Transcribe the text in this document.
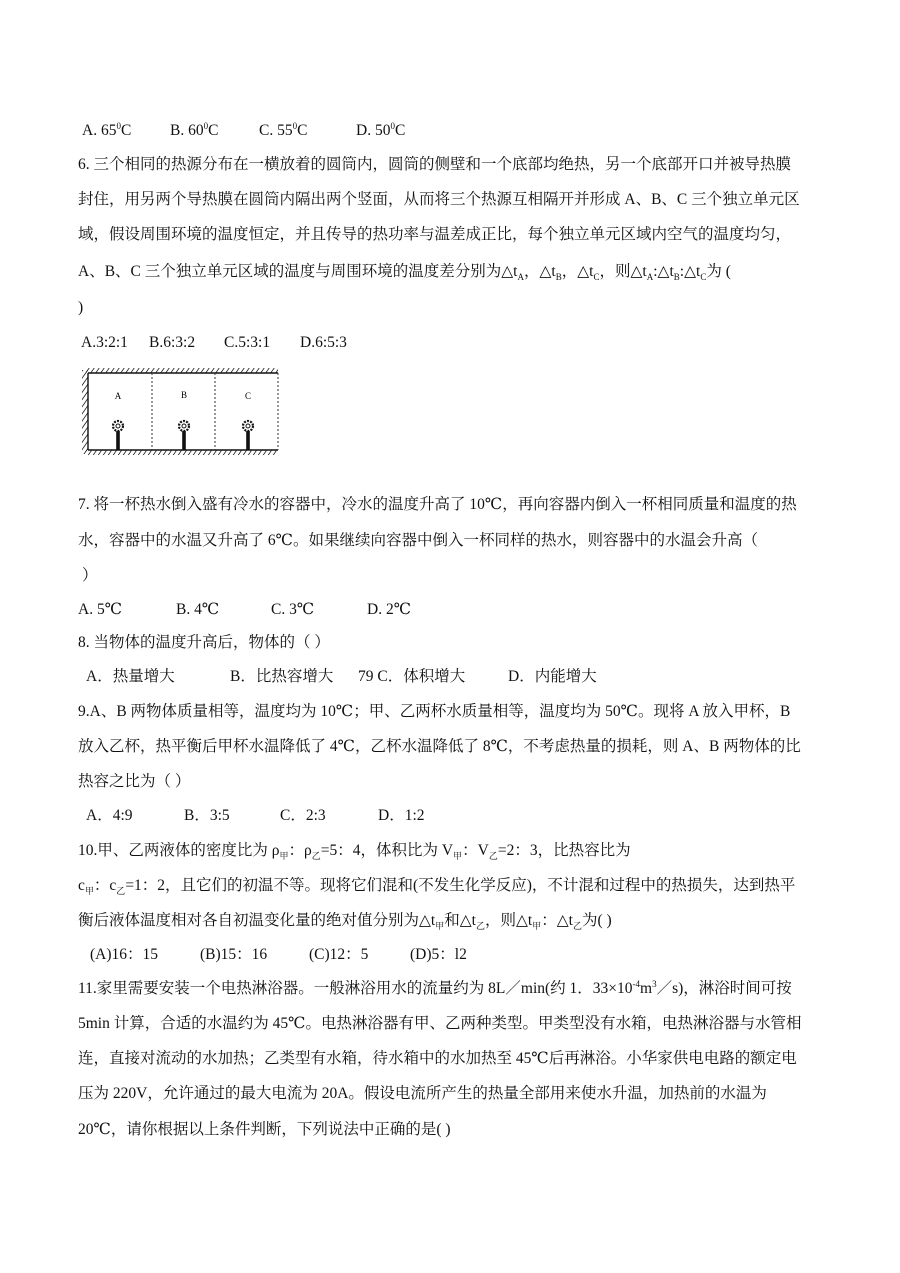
A. $65^0C$ B. $60^0C$	C. $55^0C$	D. $50^0C$
6. 三个相同的热源分布在一横放着的圆筒内，圆筒的侧壁和一个底部均绝热，另一个底部开口并被导热膜
封住，用另两个导热膜在圆筒内隔出两个竖面，从而将三个热源互相隔开并形成 A、B、C 三个独立单元区
域，假设周围环境的温度恒定，并且传导的热功率与温差成正比，每个独立单元区域内空气的温度均匀，
A、B、C 三个独立单元区域的温度与周围环境的温度差分别为$\triangle t_A$，$\triangle t_B$，$\triangle t_C$，则$\triangle t_A:\triangle t_B:\triangle t_C$为 (
)
A.3:2:1 B.6:3:2 C.5:3:1 D.6:5:3
A	B	C
7. 将一杯热水倒入盛有冷水的容器中，冷水的温度升高了 10℃，再向容器内倒入一杯相同质量和温度的热
水，容器中的水温又升高了 6℃。如果继续向容器中倒入一杯同样的热水，则容器中的水温会升高（
）
A. 5℃	B. 4℃	C. 3℃	D. 2℃
8. 当物体的温度升高后，物体的（ ）
A．热量增大	B．比热容增大 79 C．体积增大	D．内能增大
9.A、B 两物体质量相等，温度均为 10℃；甲、乙两杯水质量相等，温度均为 50℃。现将 A 放入甲杯，B
放入乙杯，热平衡后甲杯水温降低了 4℃，乙杯水温降低了 8℃，不考虑热量的损耗，则 A、B 两物体的比
热容之比为（ ）
A．4:9	B．3:5	C．2:3	D．1:2
10.甲、乙两液体的密度比为 $\rho_甲$：$\rho_乙=5$：4，体积比为 $V_甲$：$V_乙=2$：3，比热容比为
$c_甲$：$c_乙=1$：2，且它们的初温不等。现将它们混和(不发生化学反应)，不计混和过程中的热损失，达到热平
衡后液体温度相对各自初温变化量的绝对值分别为$\triangle t_甲$和$\triangle t_乙$，则$\triangle t_甲$：$\triangle t_乙$为( )
(A)16：15	(B)15：16	(C)12：5	(D)5：l2
11.家里需要安装一个电热淋浴器。一般淋浴用水的流量约为 8L／min(约 1．$33\times 10^{-4}m^3/s$)，淋浴时间可按
5min 计算，合适的水温约为 45℃。电热淋浴器有甲、乙两种类型。甲类型没有水箱，电热淋浴器与水管相
连，直接对流动的水加热；乙类型有水箱，待水箱中的水加热至 45℃后再淋浴。小华家供电电路的额定电
压为 220V，允许通过的最大电流为 20A。假设电流所产生的热量全部用来使水升温，加热前的水温为
20℃，请你根据以上条件判断，下列说法中正确的是( )
